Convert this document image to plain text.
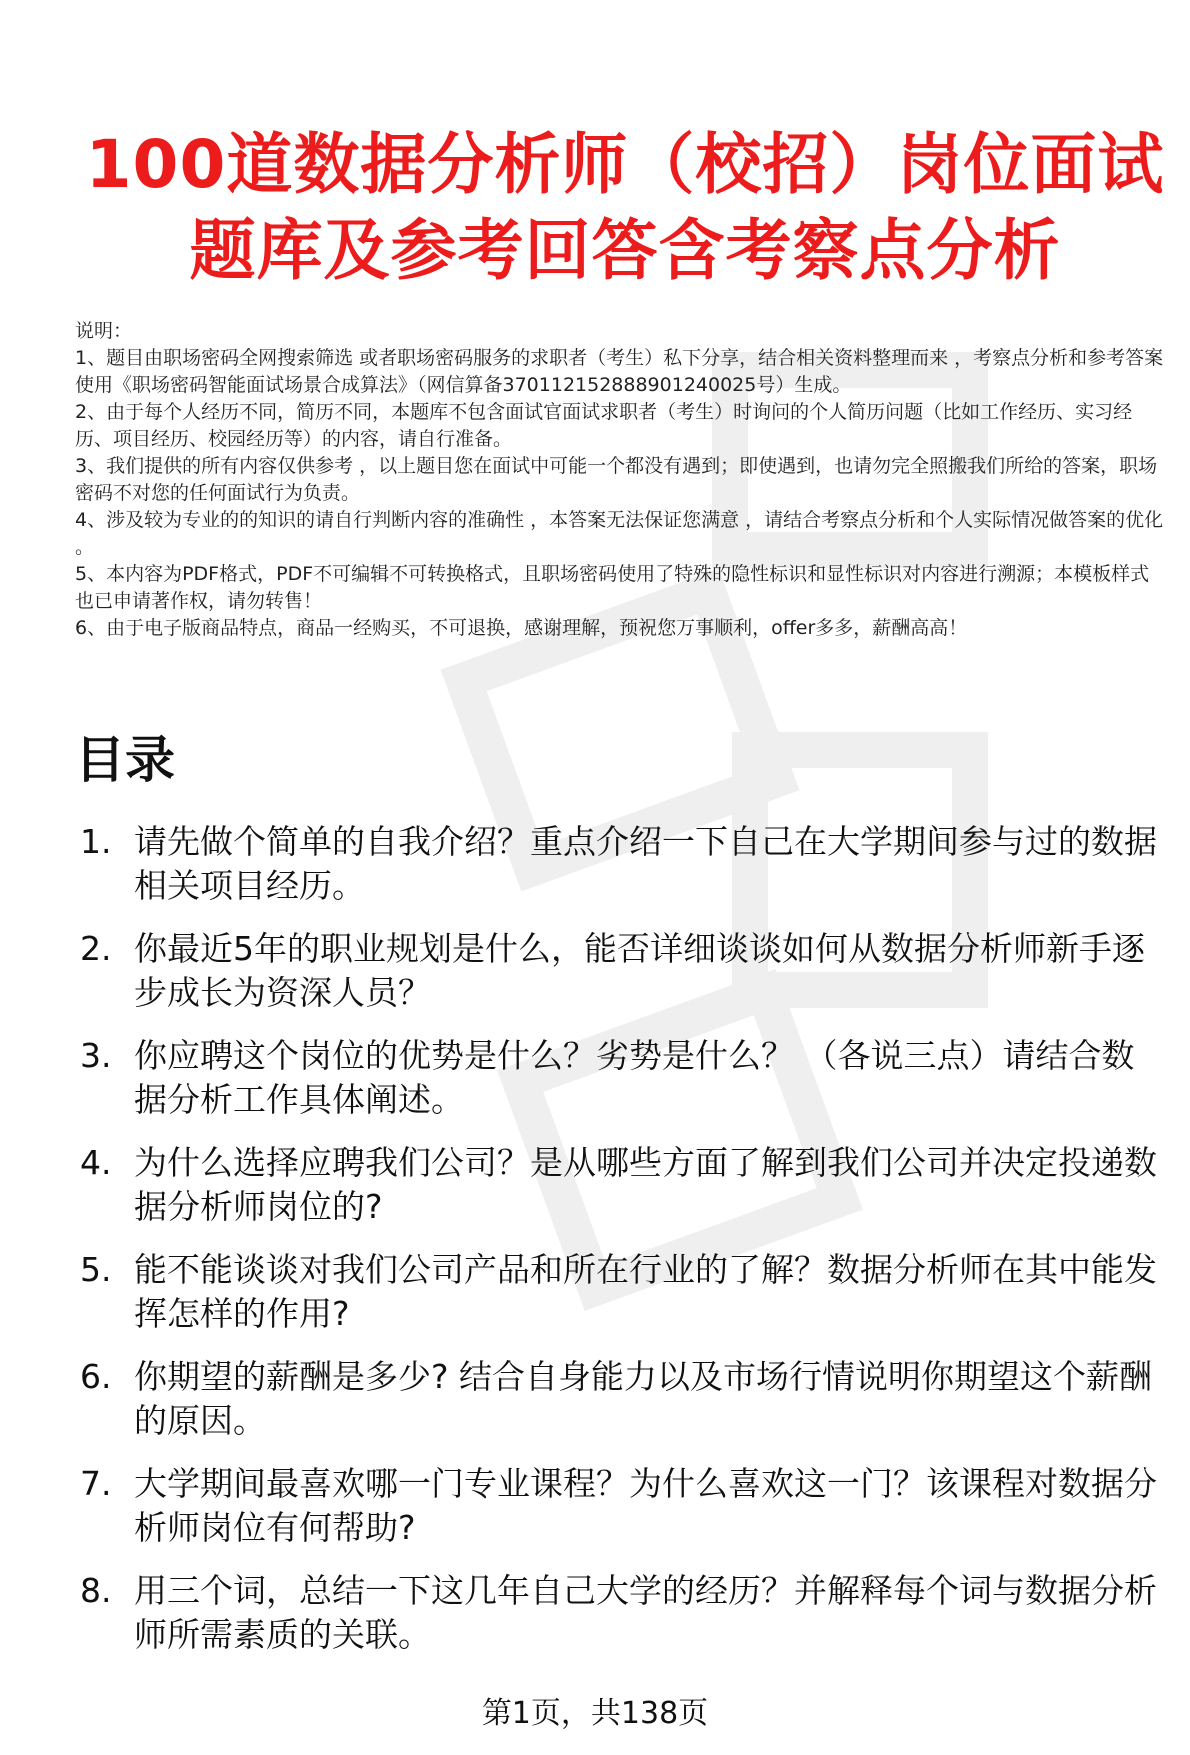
100道数据分析师（校招）岗位面试
题库及参考回答含考察点分析

说明：

1、题目由职场密码全网搜索筛选 或者职场密码服务的求职者（考生）私下分享，结合相关资料整理而来 ，考察点分析和参考答案使用《职场密码智能面试场景合成算法》（网信算备370112152888901240025号）生成。

2、由于每个人经历不同，简历不同，本题库不包含面试官面试求职者（考生）时询问的个人简历问题（比如工作经历、实习经历、项目经历、校园经历等）的内容，请自行准备。

3、我们提供的所有内容仅供参考 ，以上题目您在面试中可能一个都没有遇到；即使遇到，也请勿完全照搬我们所给的答案，职场密码不对您的任何面试行为负责。

4、涉及较为专业的的知识的请自行判断内容的准确性 ，本答案无法保证您满意 ，请结合考察点分析和个人实际情况做答案的优化 。

5、本内容为PDF格式，PDF不可编辑不可转换格式，且职场密码使用了特殊的隐性标识和显性标识对内容进行溯源；本模板样式也已申请著作权，请勿转售！

6、由于电子版商品特点，商品一经购买，不可退换，感谢理解，预祝您万事顺利，offer多多，薪酬高高！

目录
1. 请先做个简单的自我介绍？重点介绍一下自己在大学期间参与过的数据相关项目经历。
2. 你最近5年的职业规划是什么，能否详细谈谈如何从数据分析师新手逐步成长为资深人员？
3. 你应聘这个岗位的优势是什么？劣势是什么？ （各说三点）请结合数据分析工作具体阐述。
4. 为什么选择应聘我们公司？是从哪些方面了解到我们公司并决定投递数据分析师岗位的?
5. 能不能谈谈对我们公司产品和所在行业的了解？数据分析师在其中能发挥怎样的作用?
6. 你期望的薪酬是多少? 结合自身能力以及市场行情说明你期望这个薪酬的原因。
7. 大学期间最喜欢哪一门专业课程？为什么喜欢这一门？该课程对数据分析师岗位有何帮助?
8. 用三个词，总结一下这几年自己大学的经历？并解释每个词与数据分析师所需素质的关联。
第1页，共138页
